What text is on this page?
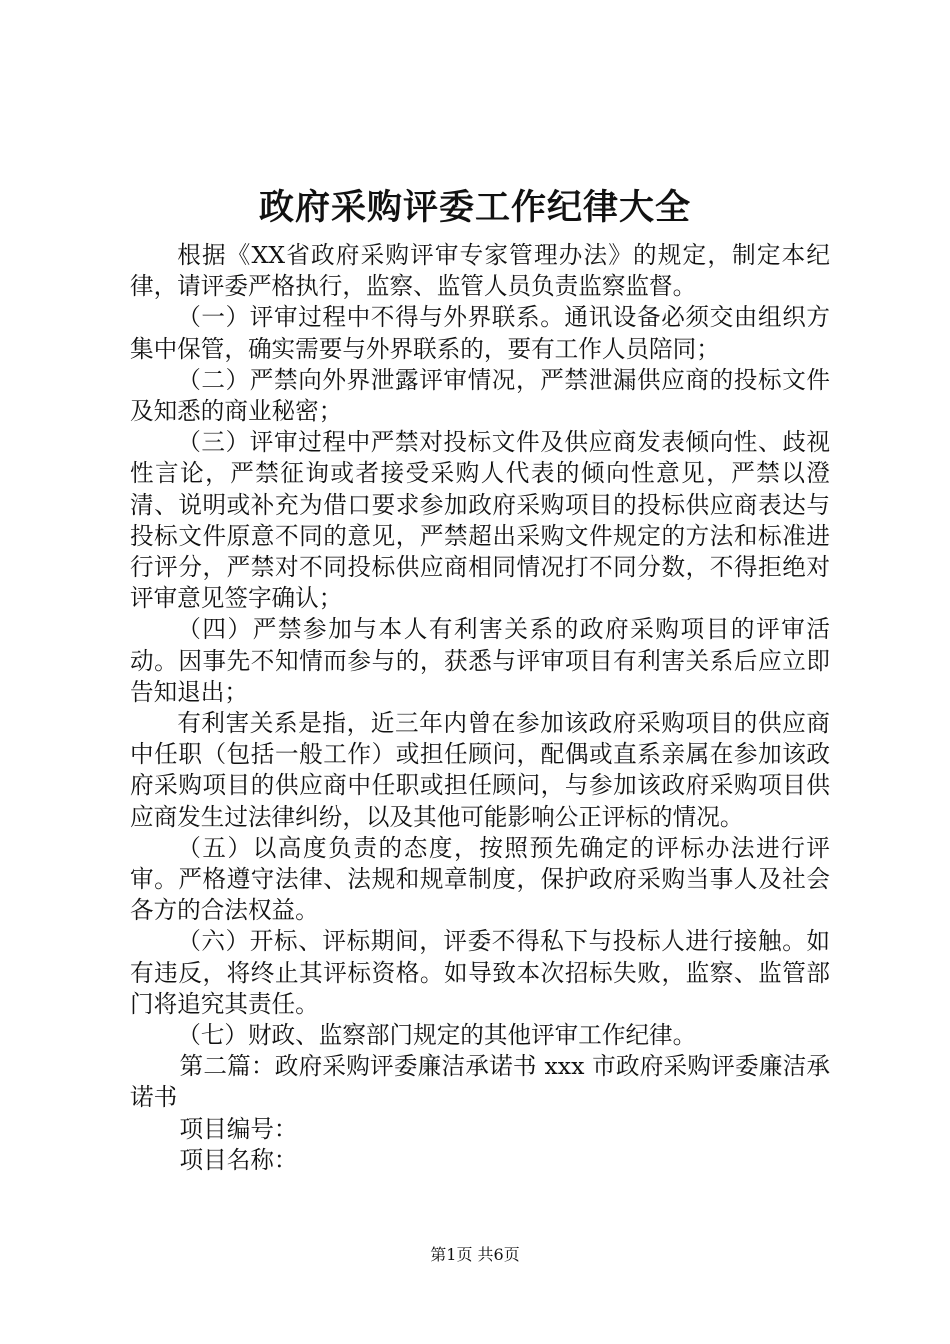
政府采购评委工作纪律大全

根据《XX省政府采购评审专家管理办法》的规定，制定本纪律，请评委严格执行，监察、监管人员负责监察监督。

（一）评审过程中不得与外界联系。通讯设备必须交由组织方集中保管，确实需要与外界联系的，要有工作人员陪同；

（二）严禁向外界泄露评审情况，严禁泄漏供应商的投标文件及知悉的商业秘密；

（三）评审过程中严禁对投标文件及供应商发表倾向性、歧视性言论，严禁征询或者接受采购人代表的倾向性意见，严禁以澄清、说明或补充为借口要求参加政府采购项目的投标供应商表达与投标文件原意不同的意见，严禁超出采购文件规定的方法和标准进行评分，严禁对不同投标供应商相同情况打不同分数，不得拒绝对评审意见签字确认；

（四）严禁参加与本人有利害关系的政府采购项目的评审活动。因事先不知情而参与的，获悉与评审项目有利害关系后应立即告知退出；

有利害关系是指，近三年内曾在参加该政府采购项目的供应商中任职（包括一般工作）或担任顾问，配偶或直系亲属在参加该政府采购项目的供应商中任职或担任顾问，与参加该政府采购项目供应商发生过法律纠纷，以及其他可能影响公正评标的情况。

（五）以高度负责的态度，按照预先确定的评标办法进行评审。严格遵守法律、法规和规章制度，保护政府采购当事人及社会各方的合法权益。

（六）开标、评标期间，评委不得私下与投标人进行接触。如有违反，将终止其评标资格。如导致本次招标失败，监察、监管部门将追究其责任。

（七）财政、监察部门规定的其他评审工作纪律。

第二篇：政府采购评委廉洁承诺书 xxx 市政府采购评委廉洁承诺书

项目编号：

项目名称：

第1页 共6页
